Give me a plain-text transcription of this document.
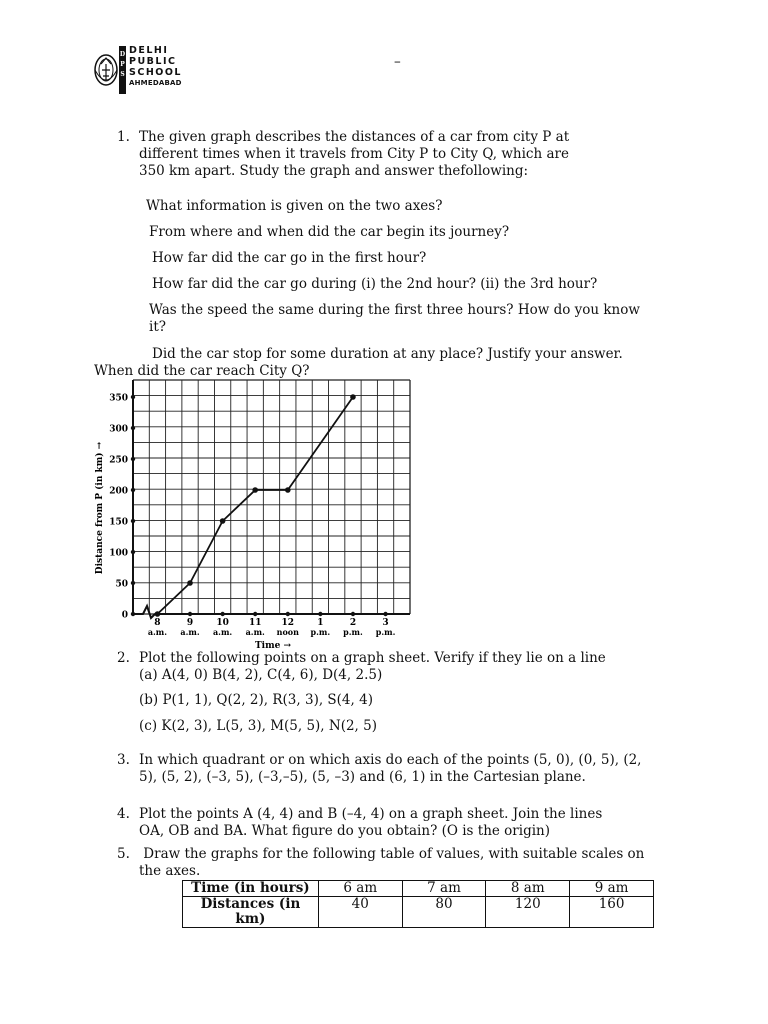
D
P
S
DELHI
PUBLIC
SCHOOL
AHMEDABAD
–
1. The given graph describes the distances of a car from city P at
different times when it travels from City P to City Q, which are
350 km apart. Study the graph and answer thefollowing:
What information is given on the two axes?
From where and when did the car begin its journey?
How far did the car go in the first hour?
How far did the car go during (i) the 2nd hour? (ii) the 3rd hour?
Was the speed the same during the first three hours? How do you know
it?
Did the car stop for some duration at any place? Justify your answer.
When did the car reach City Q?
0
50
100
150
200
250
300
350
8
a.m.
9
a.m.
10
a.m.
11
a.m.
12
noon
1
p.m.
2
p.m.
3
p.m.
Distance from P (in km) →
Time →
2. Plot the following points on a graph sheet. Verify if they lie on a line
(a) A(4, 0) B(4, 2), C(4, 6), D(4, 2.5)
(b) P(1, 1), Q(2, 2), R(3, 3), S(4, 4)
(c) K(2, 3), L(5, 3), M(5, 5), N(2, 5)
3. In which quadrant or on which axis do each of the points (5, 0), (0, 5), (2,
5), (5, 2), (–3, 5), (–3,–5), (5, –3) and (6, 1) in the Cartesian plane.
4. Plot the points A (4, 4) and B (–4, 4) on a graph sheet. Join the lines
OA, OB and BA. What figure do you obtain? (O is the origin)
5. Draw the graphs for the following table of values, with suitable scales on
the axes.
Time (in hours)	6 am	7 am	8 am	9 am

Distances (in
km)	40	80	120	160
